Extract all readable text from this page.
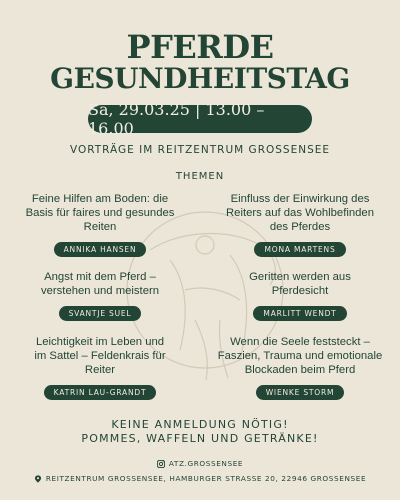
PFERDE
GESUNDHEITSTAG
Sa, 29.03.25 | 13.00 – 16.00
VORTRÄGE IM REITZENTRUM GROSSENSEE
THEMEN
Feine Hilfen am Boden: die Basis für faires und gesundes Reiten
ANNIKA HANSEN
Einfluss der Einwirkung des Reiters auf das Wohlbefinden des Pferdes
MONA MARTENS
Angst mit dem Pferd – verstehen und meistern
SVANTJE SUEL
Geritten werden aus Pferdesicht
MARLITT WENDT
Leichtigkeit im Leben und im Sattel – Feldenkrais für Reiter
KATRIN LAU-GRANDT
Wenn die Seele feststeckt – Faszien, Trauma und emotionale Blockaden beim Pferd
WIENKE STORM
KEINE ANMELDUNG NÖTIG!
POMMES, WAFFELN UND GETRÄNKE!
ATZ.GROSSENSEE
REITZENTRUM GROSSENSEE, HAMBURGER STRASSE 20, 22946 GROSSENSEE
